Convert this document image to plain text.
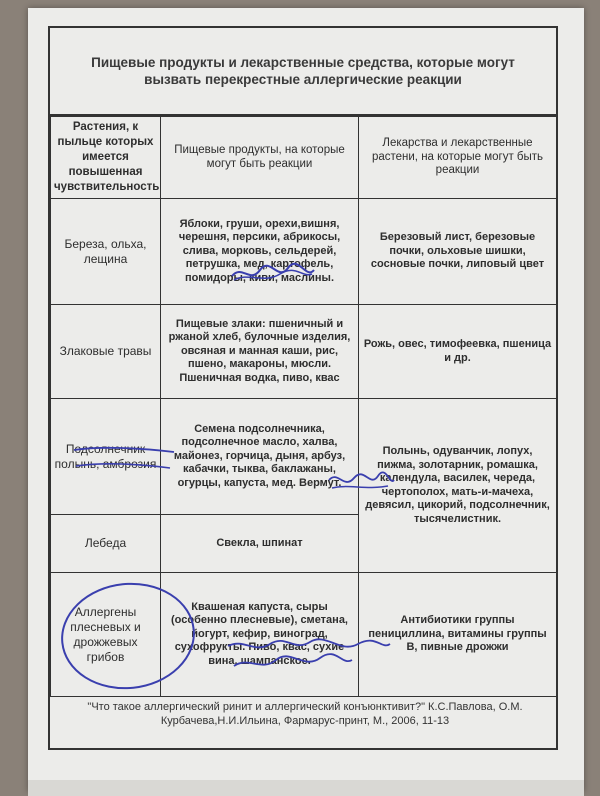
Пищевые продукты и лекарственные средства, которые могут вызвать перекрестные аллергические реакции
Растения, к пыльце которых имеется повышенная чувствительность	Пищевые продукты, на которые могут быть реакции	Лекарства и лекарственные растени, на которые могут быть реакции
Береза, ольха, лещина	Яблоки, груши, орехи,вишня, черешня, персики, абрикосы, слива, морковь, сельдерей, петрушка, мед, картофель, помидоры, киви, маслины.	Березовый лист, березовые почки, ольховые шишки, сосновые почки, липовый цвет
Злаковые травы	Пищевые злаки: пшеничный и ржаной хлеб, булочные изделия, овсяная и манная каши, рис, пшено, макароны, мюсли. Пшеничная водка, пиво, квас	Рожь, овес, тимофеевка, пшеница и др.
Подсолнечник полынь, амброзия	Семена подсолнечника, подсолнечное масло, халва, майонез, горчица, дыня, арбуз, кабачки, тыква, баклажаны, огурцы, капуста, мед. Вермут.	Полынь, одуванчик, лопух, пижма, золотарник, ромашка, календула, василек, череда, чертополох, мать-и-мачеха, девясил, цикорий, подсолнечник, тысячелистник.
Лебеда	Свекла, шпинат	
Аллергены плесневых и дрожжевых грибов	Квашеная капуста, сыры (особенно плесневые), сметана, йогурт, кефир, виноград, сухофрукты. Пиво, квас, сухие вина, шампанское.	Антибиотики группы пенициллина, витамины группы В, пивные дрожжи
"Что такое аллергический ринит и аллергический конъюнктивит?" К.С.Павлова, О.М. Курбачева,Н.И.Ильина, Фармарус-принт, М., 2006, 11-13
